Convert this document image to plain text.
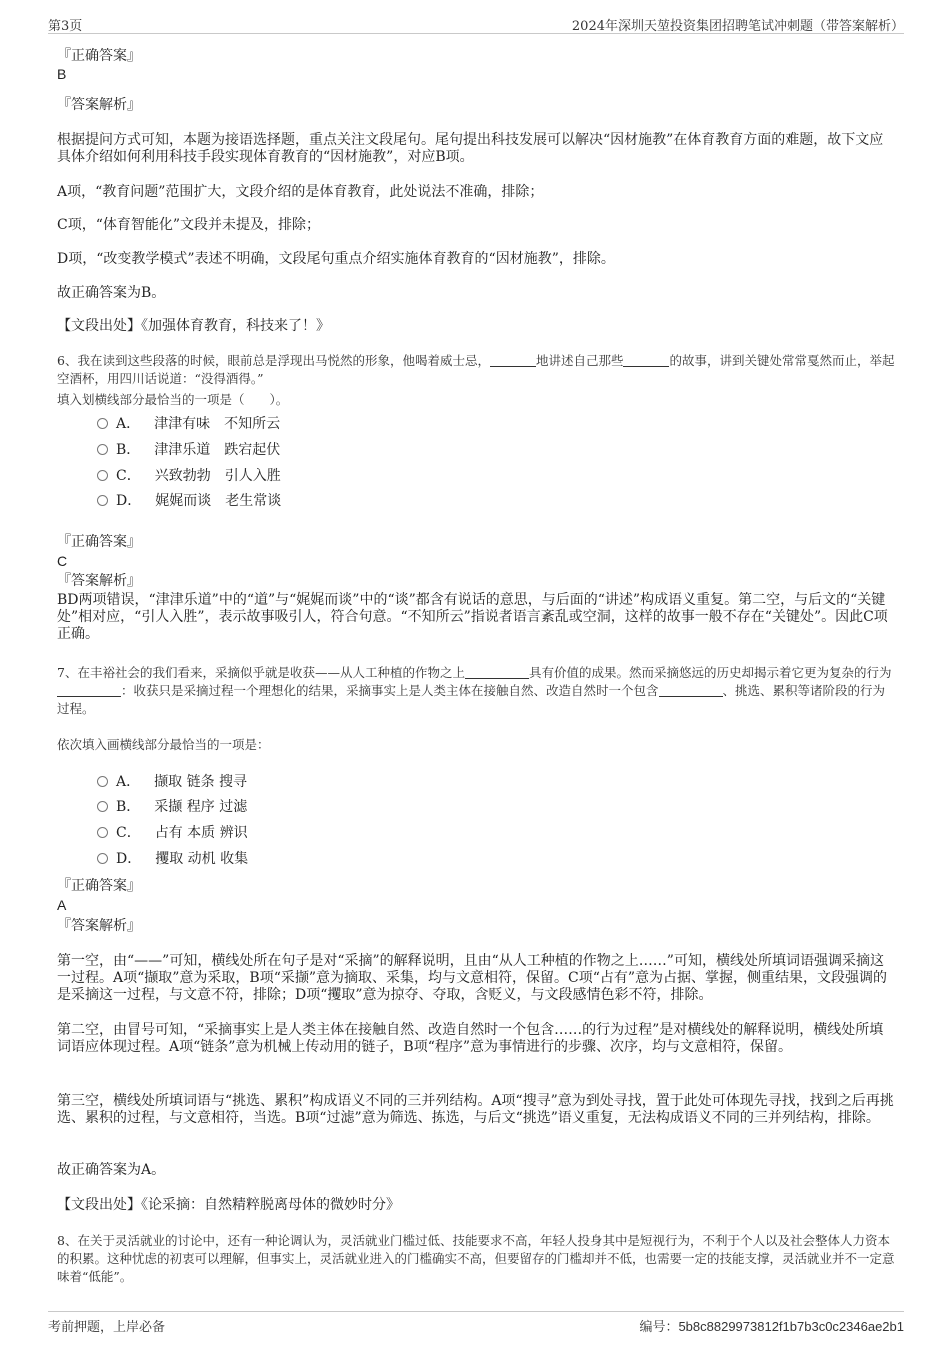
第3页	2024年深圳天堃投资集团招聘笔试冲刺题（带答案解析）
『正确答案』
B
『答案解析』
根据提问方式可知，本题为接语选择题，重点关注文段尾句。尾句提出科技发展可以解决“因材施教”在体育教育方面的难题，故下文应具体介绍如何利用科技手段实现体育教育的“因材施教”，对应B项。
A项，“教育问题”范围扩大，文段介绍的是体育教育，此处说法不准确，排除；
C项，“体育智能化”文段并未提及，排除；
D项，“改变教学模式”表述不明确，文段尾句重点介绍实施体育教育的“因材施教”，排除。
故正确答案为B。
【文段出处】《加强体育教育，科技来了！》
6、我在读到这些段落的时候，眼前总是浮现出马悦然的形象，他喝着威士忌，	地讲述自己那些	的故事，讲到关键处常常戛然而止，举起空酒杯，用四川话说道：“没得酒得。”
填入划横线部分最恰当的一项是（　　）。
A． 津津有味 不知所云
B． 津津乐道 跌宕起伏
C． 兴致勃勃 引人入胜
D． 娓娓而谈 老生常谈
『正确答案』
C
『答案解析』
BD两项错误，“津津乐道”中的“道”与“娓娓而谈”中的“谈”都含有说话的意思，与后面的“讲述”构成语义重复。第二空，与后文的“关键处”相对应，“引人入胜”，表示故事吸引人，符合句意。“不知所云”指说者语言紊乱或空洞，这样的故事一般不存在“关键处”。因此C项正确。
7、在丰裕社会的我们看来，采摘似乎就是收获——从人工种植的作物之上	具有价值的成果。然而采摘悠远的历史却揭示着它更为复杂的行为：收获只是采摘过程一个理想化的结果，采摘事实上是人类主体在接触自然、改造自然时一个包含	、挑选、累积等诸阶段的行为过程。
依次填入画横线部分最恰当的一项是：
A． 撷取 链条 搜寻
B． 采撷 程序 过滤
C． 占有 本质 辨识
D． 攫取 动机 收集
『正确答案』
A
『答案解析』
第一空，由“——”可知，横线处所在句子是对“采摘”的解释说明，且由“从人工种植的作物之上……”可知，横线处所填词语强调采摘这一过程。A项“撷取”意为采取，B项“采撷”意为摘取、采集，均与文意相符，保留。C项“占有”意为占据、掌握，侧重结果，文段强调的是采摘这一过程，与文意不符，排除；D项“攫取”意为掠夺、夺取，含贬义，与文段感情色彩不符，排除。
第二空，由冒号可知，“采摘事实上是人类主体在接触自然、改造自然时一个包含……的行为过程”是对横线处的解释说明，横线处所填词语应体现过程。A项“链条”意为机械上传动用的链子，B项“程序”意为事情进行的步骤、次序，均与文意相符，保留。
第三空，横线处所填词语与“挑选、累积”构成语义不同的三并列结构。A项“搜寻”意为到处寻找，置于此处可体现先寻找，找到之后再挑选、累积的过程，与文意相符，当选。B项“过滤”意为筛选、拣选，与后文“挑选”语义重复，无法构成语义不同的三并列结构，排除。
故正确答案为A。
【文段出处】《论采摘：自然精粹脱离母体的微妙时分》
8、在关于灵活就业的讨论中，还有一种论调认为，灵活就业门槛过低、技能要求不高，年轻人投身其中是短视行为，不利于个人以及社会整体人力资本的积累。这种忧虑的初衷可以理解，但事实上，灵活就业进入的门槛确实不高，但要留存的门槛却并不低，也需要一定的技能支撑，灵活就业并不一定意味着“低能”。
考前押题，上岸必备	编号：5b8c8829973812f1b7b3c0c2346ae2b1
